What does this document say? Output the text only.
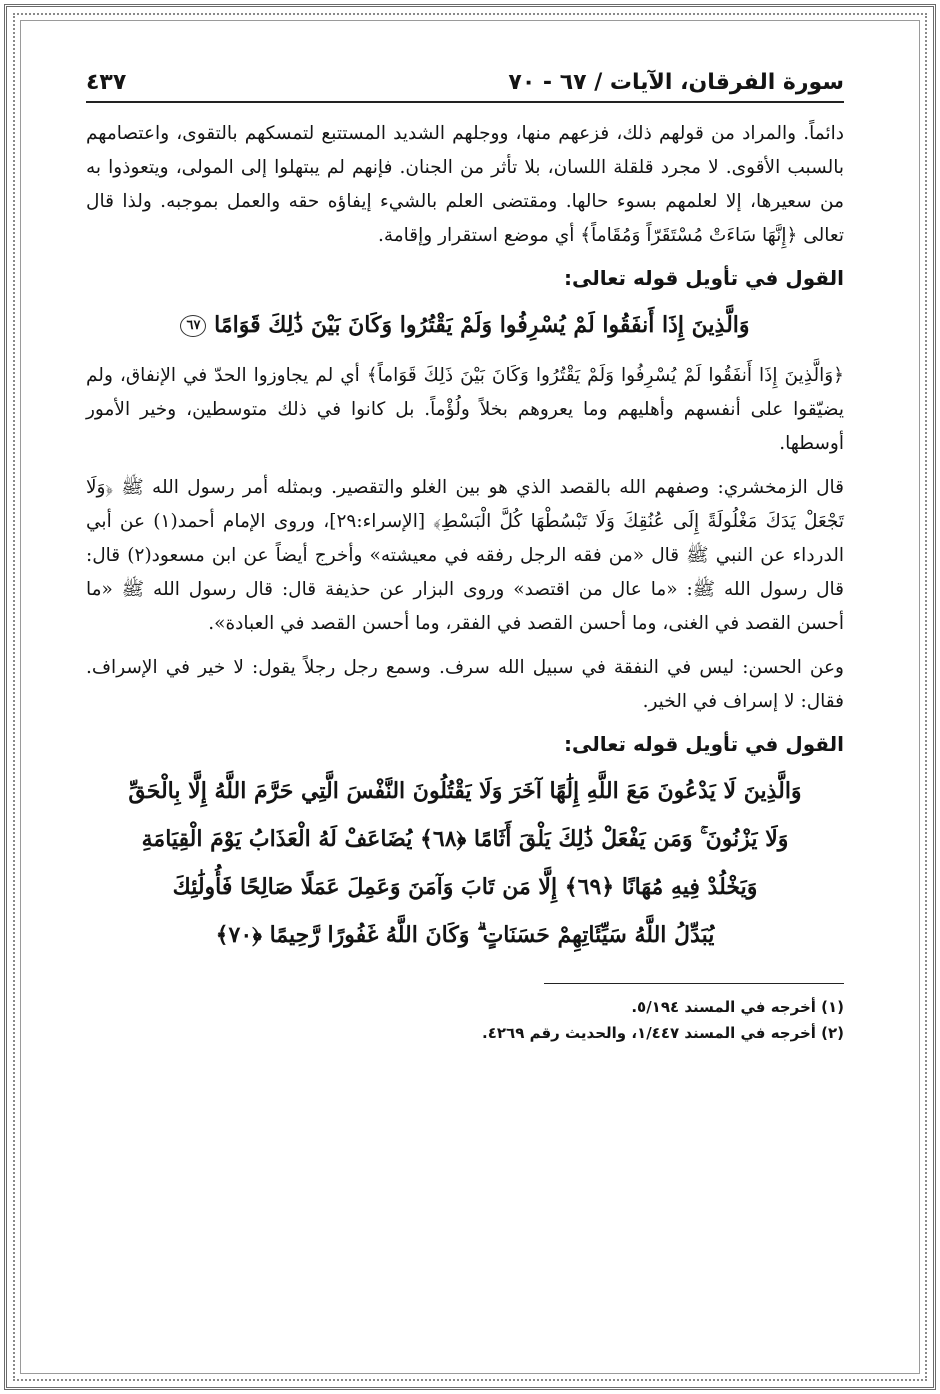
سورة الفرقان، الآيات / ٦٧ - ٧٠
٤٣٧

دائماً. والمراد من قولهم ذلك، فزعهم منها، ووجلهم الشديد المستتبع لتمسكهم بالتقوى، واعتصامهم بالسبب الأقوى. لا مجرد قلقلة اللسان، بلا تأثر من الجنان. فإنهم لم يبتهلوا إلى المولى، ويتعوذوا به من سعيرها، إلا لعلمهم بسوء حالها. ومقتضى العلم بالشيء إيفاؤه حقه والعمل بموجبه. ولذا قال تعالى ﴿إِنَّهَا سَاءَتْ مُسْتَقَرّاً وَمُقَاماً﴾ أي موضع استقرار وإقامة.

القول في تأويل قوله تعالى:
وَالَّذِينَ إِذَا أَنفَقُوا لَمْ يُسْرِفُوا وَلَمْ يَقْتُرُوا وَكَانَ بَيْنَ ذَٰلِكَ قَوَامًا ٦٧

﴿وَالَّذِينَ إِذَا أَنفَقُوا لَمْ يُسْرِفُوا وَلَمْ يَقْتُرُوا وَكَانَ بَيْنَ ذَلِكَ قَوَاماً﴾ أي لم يجاوزوا الحدّ في الإنفاق، ولم يضيّقوا على أنفسهم وأهليهم وما يعروهم بخلاً ولُؤْماً. بل كانوا في ذلك متوسطين، وخير الأمور أوسطها.

قال الزمخشري: وصفهم الله بالقصد الذي هو بين الغلو والتقصير. وبمثله أمر رسول الله ﷺ ﴿وَلَا تَجْعَلْ يَدَكَ مَغْلُولَةً إِلَى عُنُقِكَ وَلَا تَبْسُطْهَا كُلَّ الْبَسْطِ﴾ [الإسراء:٢٩]، وروى الإمام أحمد(١) عن أبي الدرداء عن النبي ﷺ قال «من فقه الرجل رفقه في معيشته» وأخرج أيضاً عن ابن مسعود(٢) قال: قال رسول الله ﷺ: «ما عال من اقتصد» وروى البزار عن حذيفة قال: قال رسول الله ﷺ «ما أحسن القصد في الغنى، وما أحسن القصد في الفقر، وما أحسن القصد في العبادة».

وعن الحسن: ليس في النفقة في سبيل الله سرف. وسمع رجل رجلاً يقول: لا خير في الإسراف. فقال: لا إسراف في الخير.

القول في تأويل قوله تعالى:
وَالَّذِينَ لَا يَدْعُونَ مَعَ اللَّهِ إِلَٰهًا آخَرَ وَلَا يَقْتُلُونَ النَّفْسَ الَّتِي حَرَّمَ اللَّهُ إِلَّا بِالْحَقِّ
وَلَا يَزْنُونَ ۚ وَمَن يَفْعَلْ ذَٰلِكَ يَلْقَ أَثَامًا ﴿٦٨﴾ يُضَاعَفْ لَهُ الْعَذَابُ يَوْمَ الْقِيَامَةِ
وَيَخْلُدْ فِيهِ مُهَانًا ﴿٦٩﴾ إِلَّا مَن تَابَ وَآمَنَ وَعَمِلَ عَمَلًا صَالِحًا فَأُولَٰئِكَ
يُبَدِّلُ اللَّهُ سَيِّئَاتِهِمْ حَسَنَاتٍ ۗ وَكَانَ اللَّهُ غَفُورًا رَّحِيمًا ﴿٧٠﴾

(١) أخرجه في المسند ٥/١٩٤.

(٢) أخرجه في المسند ١/٤٤٧، والحديث رقم ٤٢٦٩.
